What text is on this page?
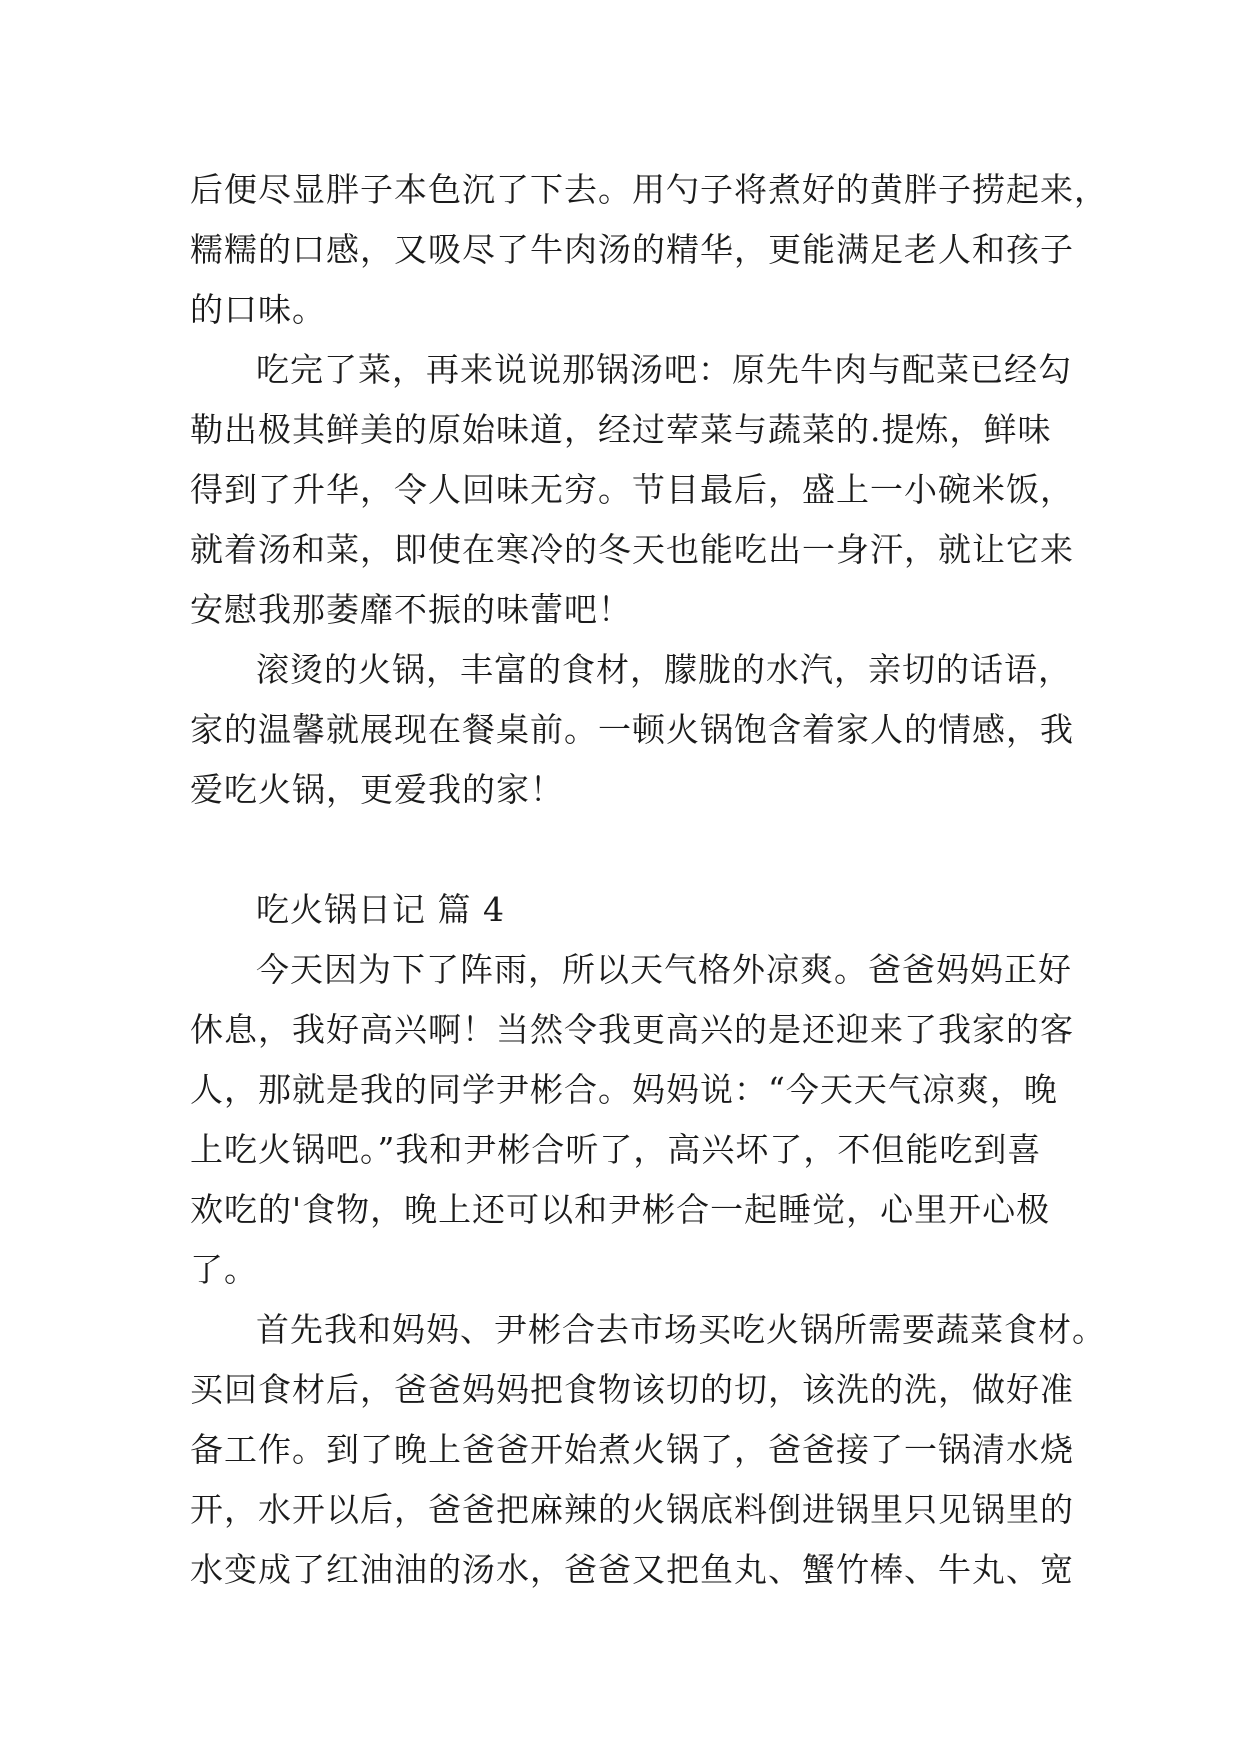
后便尽显胖子本色沉了下去。用勺子将煮好的黄胖子捞起来，
糯糯的口感，又吸尽了牛肉汤的精华，更能满足老人和孩子
的口味。
吃完了菜，再来说说那锅汤吧：原先牛肉与配菜已经勾
勒出极其鲜美的原始味道，经过荤菜与蔬菜的.提炼，鲜味
得到了升华，令人回味无穷。节目最后，盛上一小碗米饭，
就着汤和菜，即使在寒冷的冬天也能吃出一身汗，就让它来
安慰我那萎靡不振的味蕾吧！
滚烫的火锅，丰富的食材，朦胧的水汽，亲切的话语，
家的温馨就展现在餐桌前。一顿火锅饱含着家人的情感，我
爱吃火锅，更爱我的家！
吃火锅日记 篇 4
今天因为下了阵雨，所以天气格外凉爽。爸爸妈妈正好
休息，我好高兴啊！当然令我更高兴的是还迎来了我家的客
人，那就是我的同学尹彬合。妈妈说：“今天天气凉爽，晚
上吃火锅吧。”我和尹彬合听了，高兴坏了，不但能吃到喜
欢吃的'食物，晚上还可以和尹彬合一起睡觉，心里开心极
了。
首先我和妈妈、尹彬合去市场买吃火锅所需要蔬菜食材。
买回食材后，爸爸妈妈把食物该切的切，该洗的洗，做好准
备工作。到了晚上爸爸开始煮火锅了，爸爸接了一锅清水烧
开，水开以后，爸爸把麻辣的火锅底料倒进锅里只见锅里的
水变成了红油油的汤水，爸爸又把鱼丸、蟹竹棒、牛丸、宽
